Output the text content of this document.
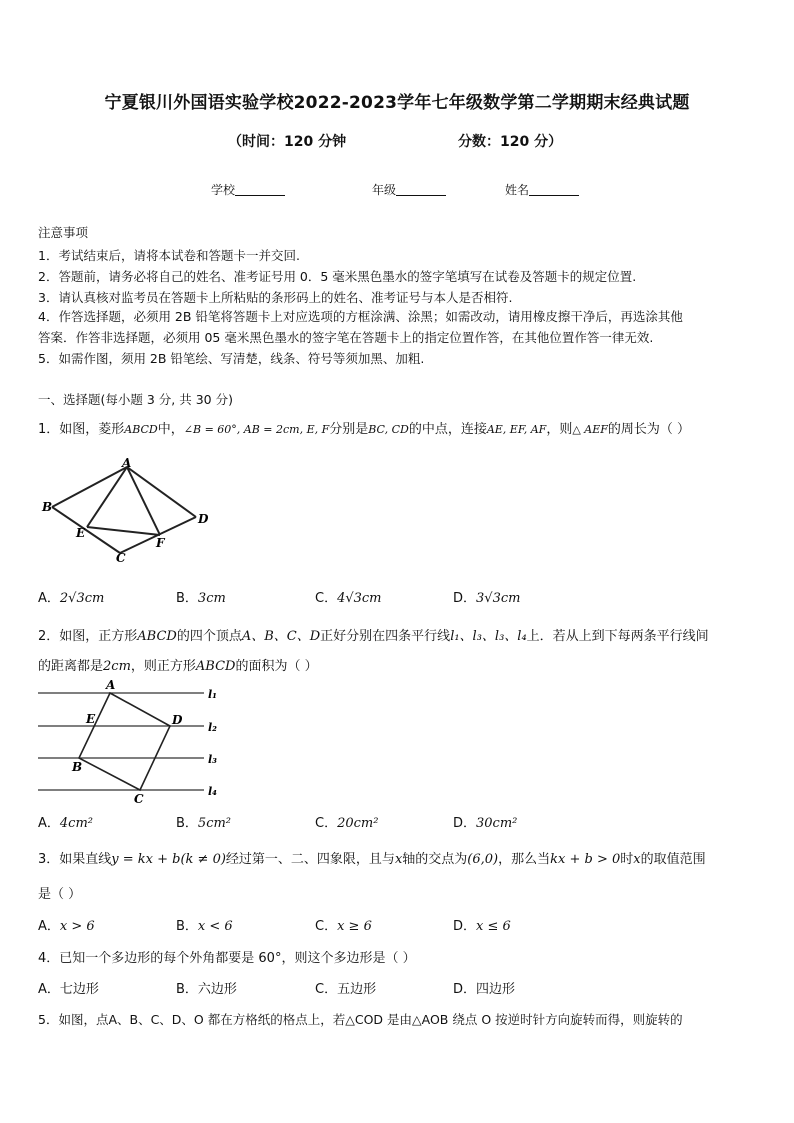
宁夏银川外国语实验学校2022-2023学年七年级数学第二学期期末经典试题
（时间：120 分钟	分数：120 分）
学校	年级	姓名
注意事项
1．考试结束后，请将本试卷和答题卡一并交回.
2．答题前，请务必将自己的姓名、准考证号用 0．5 毫米黑色墨水的签字笔填写在试卷及答题卡的规定位置.
3．请认真核对监考员在答题卡上所粘贴的条形码上的姓名、准考证号与本人是否相符.
4．作答选择题，必须用 2B 铅笔将答题卡上对应选项的方框涂满、涂黑；如需改动，请用橡皮擦干净后，再选涂其他
答案．作答非选择题，必须用 05 毫米黑色墨水的签字笔在答题卡上的指定位置作答，在其他位置作答一律无效.
5．如需作图，须用 2B 铅笔绘、写清楚，线条、符号等须加黑、加粗.
一、选择题(每小题 3 分, 共 30 分)
1．如图，菱形ABCD中，∠B = 60°, AB = 2cm, E, F分别是BC, CD的中点，连接AE, EF, AF，则△ AEF的周长为（ ）
A
B
C
D
E
F
A．2√3cm	B．3cm	C．4√3cm	D．3√3cm
2．如图，正方形ABCD的四个顶点A、B、C、D正好分别在四条平行线l₁、l₃、l₃、l₄上．若从上到下每两条平行线间
的距离都是2cm，则正方形ABCD的面积为（ ）
A
B
C
D
E
l₁
l₂
l₃
l₄
A．4cm²	B．5cm²	C．20cm²	D．30cm²
3．如果直线y = kx + b(k ≠ 0)经过第一、二、四象限，且与x轴的交点为(6,0)，那么当kx + b > 0时x的取值范围
是（ ）
A．x > 6	B．x < 6	C．x ≥ 6	D．x ≤ 6
4．已知一个多边形的每个外角都要是 60°，则这个多边形是（ ）
A．七边形	B．六边形	C．五边形	D．四边形
5．如图，点A、B、C、D、O 都在方格纸的格点上，若△COD 是由△AOB 绕点 O 按逆时针方向旋转而得，则旋转的
